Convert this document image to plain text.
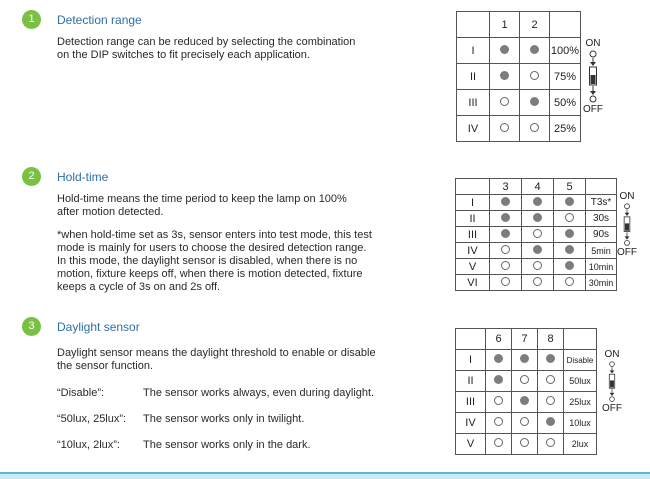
1	Detection range

Detection range can be reduced by selecting the combination
on the DIP switches to fit precisely each application.

	1	2	
I			100%
II			75%
III			50%
IV			25%
ON
OFF
2	Hold-time

Hold-time means the time period to keep the lamp on 100%
after motion detected.

*when hold-time set as 3s, sensor enters into test mode, this test
mode is mainly for users to choose the desired detection range.
In this mode, the daylight sensor is disabled, when there is no
motion, fixture keeps off, when there is motion detected, fixture
keeps a cycle of 3s on and 2s off.

	3	4	5	
I				T3s*
II				30s
III				90s
IV				5min
V				10min
VI				30min
ON
OFF
3	Daylight sensor

Daylight sensor means the daylight threshold to enable or disable
the sensor function.

“Disable”:	The sensor works always, even during daylight.
“50lux, 25lux”: The sensor works only in twilight.
“10lux, 2lux”: The sensor works only in the dark.
	6	7	8	
I				Disable
II				50lux
III				25lux
IV				10lux
V				2lux
ON
OFF
